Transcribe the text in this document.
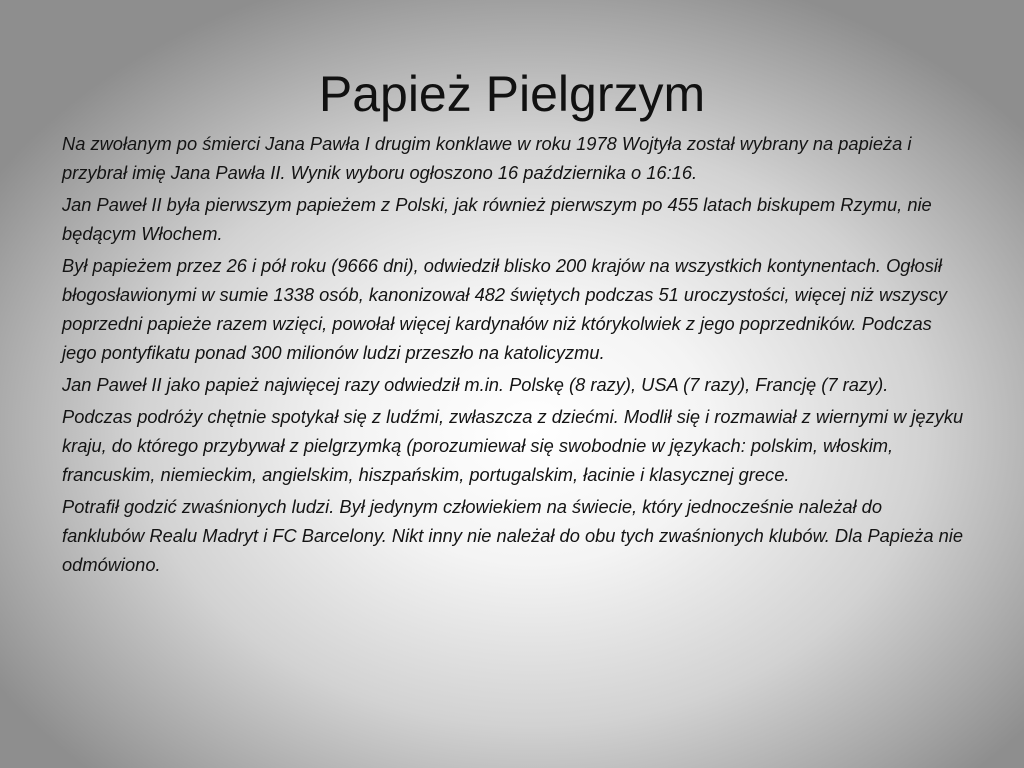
Papież Pielgrzym

Na zwołanym po śmierci Jana Pawła I drugim konklawe w roku 1978 Wojtyła został wybrany na papieża i przybrał imię Jana Pawła II. Wynik wyboru ogłoszono 16 października o 16:16.

Jan Paweł II była pierwszym papieżem z Polski, jak również pierwszym po 455 latach biskupem Rzymu, nie będącym Włochem.

Był papieżem przez 26 i pół roku (9666 dni), odwiedził blisko 200 krajów na wszystkich kontynentach. Ogłosił błogosławionymi w sumie 1338 osób, kanonizował 482 świętych podczas 51 uroczystości, więcej niż wszyscy poprzedni papieże razem wzięci, powołał więcej kardynałów niż którykolwiek z jego poprzedników. Podczas jego pontyfikatu ponad 300 milionów ludzi przeszło na katolicyzmu.

Jan Paweł II jako papież najwięcej razy odwiedził m.in. Polskę (8 razy), USA (7 razy), Francję (7 razy).

Podczas podróży chętnie spotykał się z ludźmi, zwłaszcza z dziećmi. Modlił się i rozmawiał z wiernymi w języku kraju, do którego przybywał z pielgrzymką (porozumiewał się swobodnie w językach: polskim, włoskim, francuskim, niemieckim, angielskim, hiszpańskim, portugalskim, łacinie i klasycznej grece.

Potrafił godzić zwaśnionych ludzi. Był jedynym człowiekiem na świecie, który jednocześnie należał do fanklubów Realu Madryt i FC Barcelony. Nikt inny nie należał do obu tych zwaśnionych klubów. Dla Papieża nie odmówiono.
